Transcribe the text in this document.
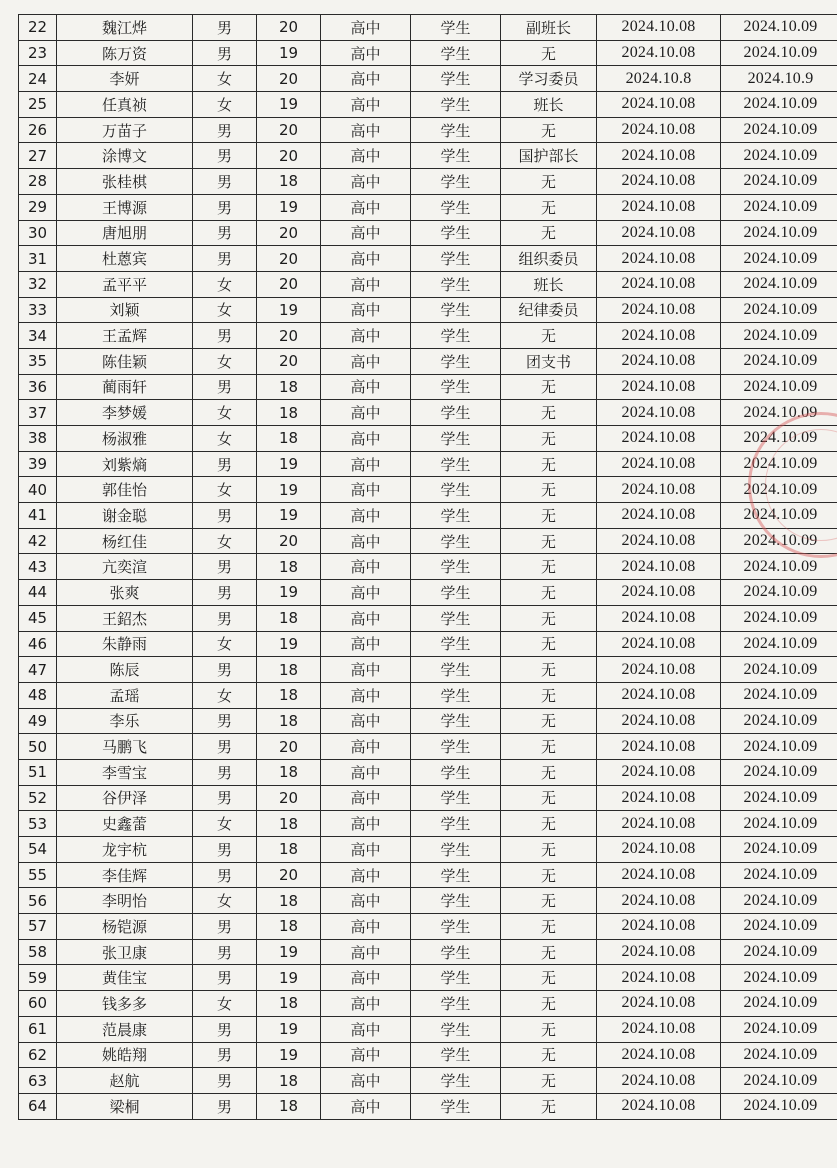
22	魏江烨	男	20	高中	学生	副班长	2024.10.08	2024.10.09
23	陈万资	男	19	高中	学生	无	2024.10.08	2024.10.09
24	李妍	女	20	高中	学生	学习委员	2024.10.8	2024.10.9
25	任真祯	女	19	高中	学生	班长	2024.10.08	2024.10.09
26	万苗子	男	20	高中	学生	无	2024.10.08	2024.10.09
27	涂博文	男	20	高中	学生	国护部长	2024.10.08	2024.10.09
28	张桂棋	男	18	高中	学生	无	2024.10.08	2024.10.09
29	王博源	男	19	高中	学生	无	2024.10.08	2024.10.09
30	唐旭朋	男	20	高中	学生	无	2024.10.08	2024.10.09
31	杜蒽宾	男	20	高中	学生	组织委员	2024.10.08	2024.10.09
32	孟平平	女	20	高中	学生	班长	2024.10.08	2024.10.09
33	刘颖	女	19	高中	学生	纪律委员	2024.10.08	2024.10.09
34	王孟辉	男	20	高中	学生	无	2024.10.08	2024.10.09
35	陈佳颖	女	20	高中	学生	团支书	2024.10.08	2024.10.09
36	蔺雨轩	男	18	高中	学生	无	2024.10.08	2024.10.09
37	李梦媛	女	18	高中	学生	无	2024.10.08	2024.10.09
38	杨淑雅	女	18	高中	学生	无	2024.10.08	2024.10.09
39	刘紫熵	男	19	高中	学生	无	2024.10.08	2024.10.09
40	郭佳怡	女	19	高中	学生	无	2024.10.08	2024.10.09
41	谢金聪	男	19	高中	学生	无	2024.10.08	2024.10.09
42	杨红佳	女	20	高中	学生	无	2024.10.08	2024.10.09
43	亢奕渲	男	18	高中	学生	无	2024.10.08	2024.10.09
44	张爽	男	19	高中	学生	无	2024.10.08	2024.10.09
45	王鉊杰	男	18	高中	学生	无	2024.10.08	2024.10.09
46	朱静雨	女	19	高中	学生	无	2024.10.08	2024.10.09
47	陈辰	男	18	高中	学生	无	2024.10.08	2024.10.09
48	孟瑶	女	18	高中	学生	无	2024.10.08	2024.10.09
49	李乐	男	18	高中	学生	无	2024.10.08	2024.10.09
50	马鹏飞	男	20	高中	学生	无	2024.10.08	2024.10.09
51	李雪宝	男	18	高中	学生	无	2024.10.08	2024.10.09
52	谷伊泽	男	20	高中	学生	无	2024.10.08	2024.10.09
53	史鑫蕾	女	18	高中	学生	无	2024.10.08	2024.10.09
54	龙宇杭	男	18	高中	学生	无	2024.10.08	2024.10.09
55	李佳辉	男	20	高中	学生	无	2024.10.08	2024.10.09
56	李明怡	女	18	高中	学生	无	2024.10.08	2024.10.09
57	杨铠源	男	18	高中	学生	无	2024.10.08	2024.10.09
58	张卫康	男	19	高中	学生	无	2024.10.08	2024.10.09
59	黄佳宝	男	19	高中	学生	无	2024.10.08	2024.10.09
60	钱多多	女	18	高中	学生	无	2024.10.08	2024.10.09
61	范晨康	男	19	高中	学生	无	2024.10.08	2024.10.09
62	姚皓翔	男	19	高中	学生	无	2024.10.08	2024.10.09
63	赵航	男	18	高中	学生	无	2024.10.08	2024.10.09
64	梁桐	男	18	高中	学生	无	2024.10.08	2024.10.09
